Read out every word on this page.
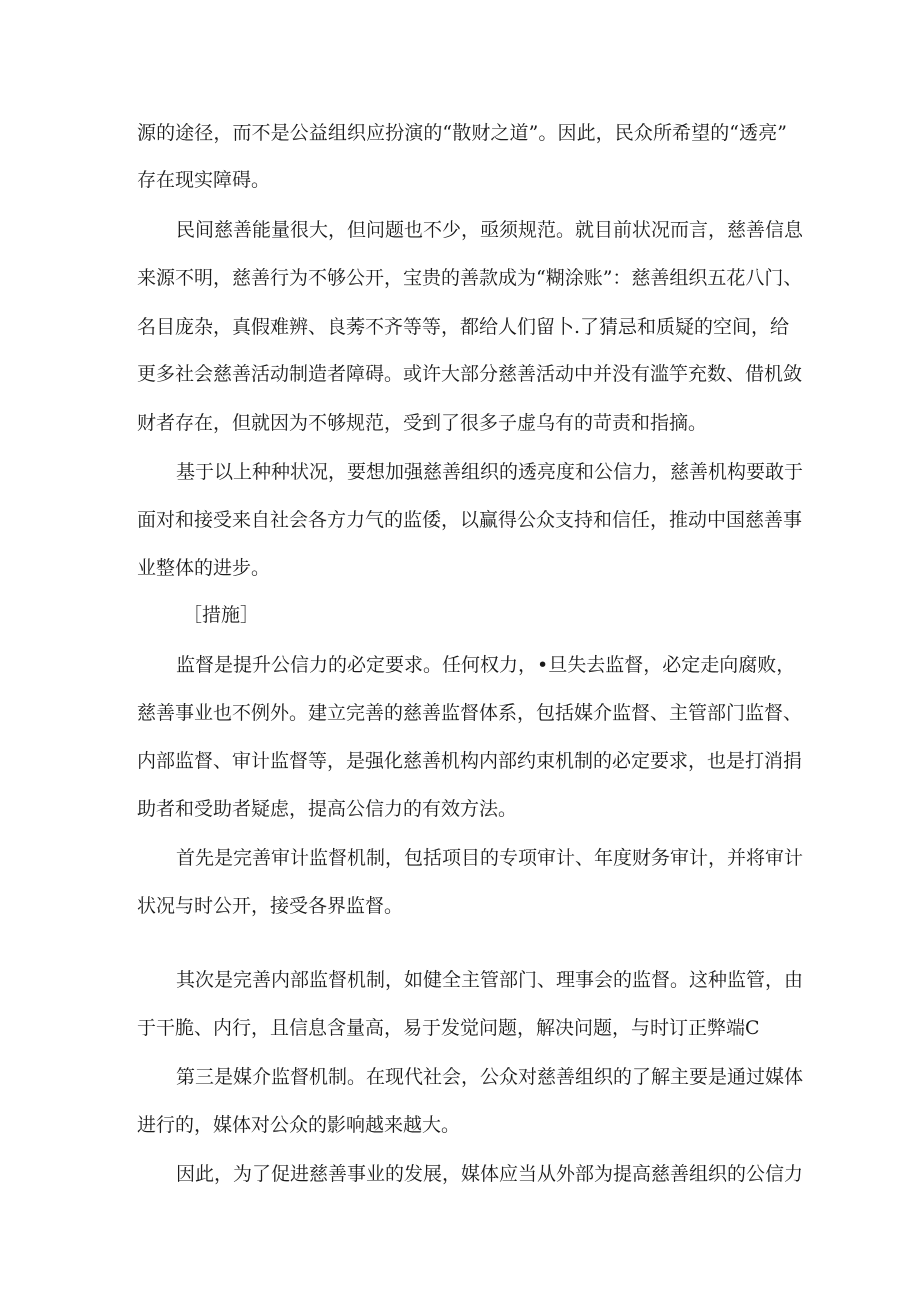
源的途径，而不是公益组织应扮演的“散财之道”。因此，民众所希望的“透亮”
存在现实障碍。
民间慈善能量很大，但问题也不少，亟须规范。就目前状况而言，慈善信息
来源不明，慈善行为不够公开，宝贵的善款成为“糊涂账”：慈善组织五花八门、
名目庞杂，真假难辨、良莠不齐等等，都给人们留卜.了猜忌和质疑的空间，给
更多社会慈善活动制造者障碍。或许大部分慈善活动中并没有滥竽充数、借机敛
财者存在，但就因为不够规范，受到了很多子虚乌有的苛责和指摘。
基于以上种种状况，要想加强慈善组织的透亮度和公信力，慈善机构要敢于
面对和接受来自社会各方力气的监倭，以赢得公众支持和信任，推动中国慈善事
业整体的进步。
［措施］
监督是提升公信力的必定要求。任何权力，•旦失去监督，必定走向腐败，
慈善事业也不例外。建立完善的慈善监督体系，包括媒介监督、主管部门监督、
内部监督、审计监督等，是强化慈善机构内部约束机制的必定要求，也是打消捐
助者和受助者疑虑，提高公信力的有效方法。
首先是完善审计监督机制，包括项目的专项审计、年度财务审计，并将审计
状况与时公开，接受各界监督。
其次是完善内部监督机制，如健全主管部门、理事会的监督。这种监管，由
于干脆、内行，且信息含量高，易于发觉问题，解决问题，与时订正弊端C
第三是媒介监督机制。在现代社会，公众对慈善组织的了解主要是通过媒体
进行的，媒体对公众的影响越来越大。
因此，为了促进慈善事业的发展，媒体应当从外部为提高慈善组织的公信力
